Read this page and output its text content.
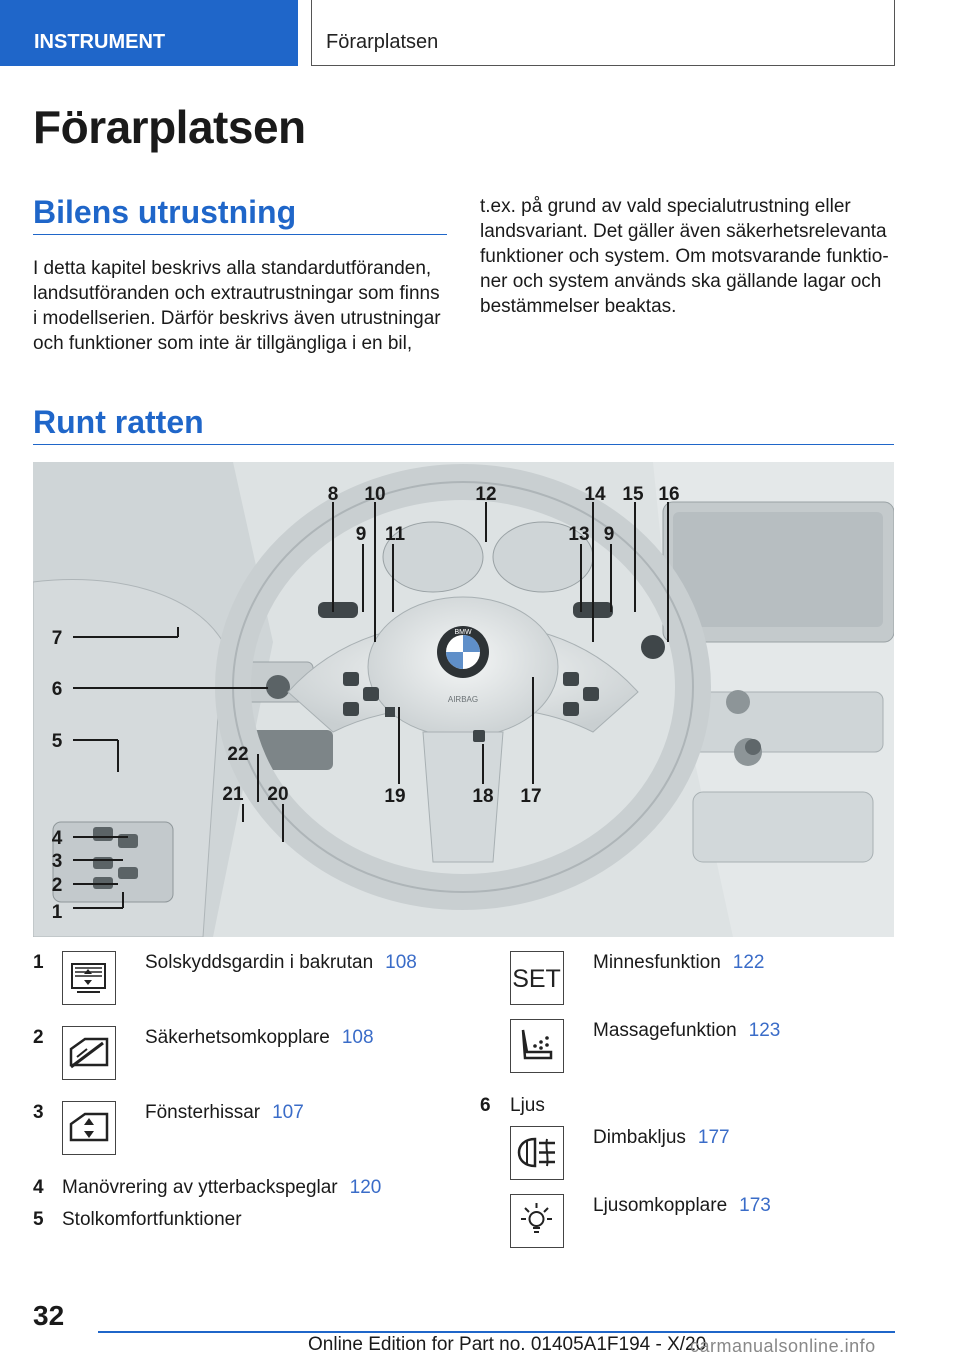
INSTRUMENT	Förarplatsen
Förarplatsen
Bilens utrustning

I detta kapitel beskrivs alla standardutföranden,
landsutföranden och extrautrustningar som finns
i modellserien. Därför beskrivs även utrustningar
och funktioner som inte är tillgängliga i en bil,

t.ex. på grund av vald specialutrustning eller
landsvariant. Det gäller även säkerhetsrelevanta
funktioner och system. Om motsvarande funktio-
ner och system används ska gällande lagar och
bestämmelser beaktas.

Runt ratten
BMW
AIRBAG
8 10
9 11
12	14
13 9
15 16
7
6
5
22
21 20
4
3
2
1
19	18 17
1	Solskyddsgardin i bakrutan 108
2	Säkerhetsomkopplare 108
3	Fönsterhissar 107
4 Manövrering av ytterbackspeglar 120
5 Stolkomfortfunktioner
SET
Minnesfunktion 122
Massagefunktion 123
6 Ljus
Dimbakljus 177
Ljusomkopplare 173
32
Online Edition for Part no. 01405A1F194 - X/20
carmanualsonline.info
